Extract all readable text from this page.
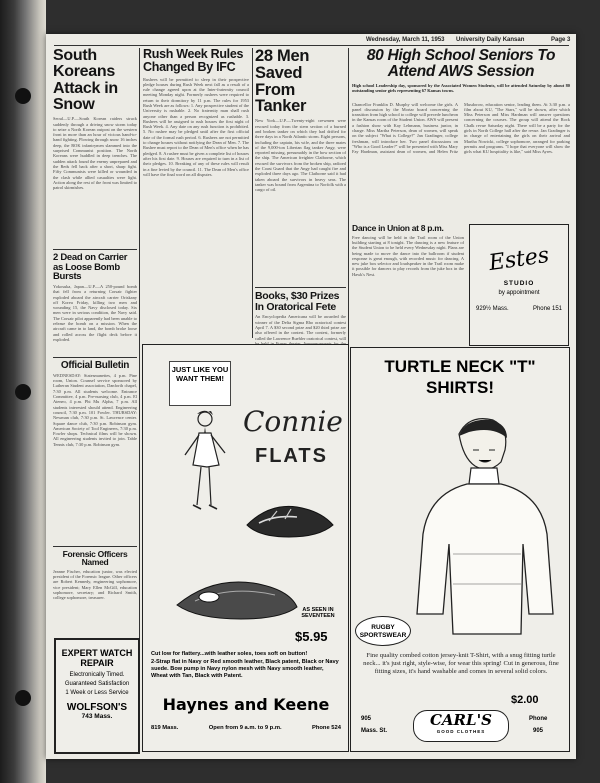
Wednesday, March 11, 1953 University Daily Kansan	Page 3
South Koreans Attack in Snow
Seoul—U.P.—South Korean raiders struck suddenly through a driving snow storm today to seize a North Korean outpost on the western front in more than an hour of vicious hand-to-hand fighting. Plowing through snow 16 inches deep, the ROK infantrymen slammed into the surprised Communist position. The North Koreans were huddled in deep trenches. The sudden attack found the enemy unprepared and the Reds fell back after a short, sharp fight. Fifty Communists were killed or wounded in the clash while allied casualties were light. Action along the rest of the front was limited to patrol skirmishes.
2 Dead on Carrier as Loose Bomb Bursts
Yokosuka, Japan—U.P.—A 250-pound bomb that fell from a returning Corsair fighter exploded aboard the aircraft carrier Oriskany off Korea Friday, killing two men and wounding 15, the Navy disclosed today. Six men were in serious condition, the Navy said. The Corsair pilot apparently had been unable to release the bomb on a mission. When the aircraft came in to land, the bomb broke loose and rolled across the flight deck before it exploded.
Official Bulletin
WEDNESDAY: Statesmanettes, 4 p.m. Pine room, Union. Counsel service sponsored by Lutheran Student association, Danforth chapel, 7:30 p.m. All students welcome. Entrance Committee, 4 p.m. Pre-nursing club, 4 p.m. El Ateneo, 4 p.m. Phi Mu Alpha, 7 p.m. All students interested should attend. Engineering council, 7:30 p.m. 101 Fowler. THURSDAY: Newman club, 7:30 p.m. St. Lawrence center. Square dance club, 7:30 p.m. Robinson gym. American Society of Tool Engineers, 7:30 p.m. Fowler shops. Technical films will be shown. All engineering students invited to join. Table Tennis club, 7:30 p.m. Robinson gym.
Forensic Officers Named
Jeanne Fischer, education junior, was elected president of the Forensic league. Other officers are Robert Kennedy, engineering sophomore, vice president; Mary Ellen McGill, education sophomore, secretary; and Richard Smith, college sophomore, treasurer.
EXPERT WATCH
REPAIR
Electronically Timed.
Guaranteed Satisfaction
1 Week or Less Service
WOLFSON'S
743 Mass.
Rush Week Rules Changed By IFC
Rushees will be permitted to sleep in their prospective pledge houses during Rush Week next fall as a result of a rule change agreed upon at the Inter-fraternity council meeting Monday night. Formerly rushees were required to return to their dormitory by 11 p.m. The rules for 1953 Rush Week are as follows: 1. Any prospective student of the University is rushable. 2. No fraternity man shall rush anyone other than a person recognized as rushable. 3. Rushees will be assigned to rush houses the first night of Rush Week. 4. Any date on any rush function is prohibited. 5. No rushee may be pledged until after the first official date of the formal rush period. 6. Rushees are not permitted to change houses without notifying the Dean of Men. 7. The Rushee must report to the Dean of Men's office when he has pledged. 8. A rushee must be given a complete list of houses after his first date. 9. Houses are required to turn in a list of their pledges. 10. Breaking of any of these rules will result in a fine levied by the council. 11. The Dean of Men's office will have the final word on all disputes.
28 Men Saved From Tanker
New York—U.P.—Twenty-eight crewmen were rescued today from the stern section of a burned and broken tanker on which they had drifted for three days in a North Atlantic storm. Eight persons, including the captain, his wife, and the three mates of the 9,000-ton Liberian flag tanker Angy, were reported missing, presumably in the bow section of the ship. The American freighter Claiborne, which rescued the survivors from the broken ship, radioed the Coast Guard that the Angy had caught fire and exploded three days ago. The Claiborne said it had taken aboard the survivors in heavy seas. The tanker was bound from Argentina to Norfolk with a cargo of oil.
Books, $30 Prizes In Oratorical Fete
An Encyclopedia Americana will be awarded the winner of the Delta Sigma Rho oratorical contest April 7. A $30 second prize and $20 third prize are also offered in the contest. The contest, formerly called the Lawrence Buehler oratorical contest, will
80 High School Seniors To Attend AWS Session
High school Leadership day, sponsored by the Associated Women Students, will be attended Saturday by about 80 outstanding senior girls representing 67 Kansas towns.
Chancellor Franklin D. Murphy will welcome the girls. A panel discussion by the Mortar board concerning the transition from high school to college will precede luncheon in the Kansas room of the Student Union. AWS will present a fashion show with Kay Lehmann, business junior, in charge. Miss Martha Peterson, dean of women, will speak on the subject "What is College?" Jan Gradinger, college freshman, will introduce her. Two panel discussions on "Who is a Good Leader?" will be presented with Miss Mary Fay Hardman, assistant dean of women, and Helen Fritz Musdorow, education senior, leading them. At 3:30 p.m. a film about KU, "The Stars," will be shown, after which Miss Peterson and Miss Hardman will answer questions concerning the courses. The group will attend the Rock Chalk revue Saturday night. There will be a party for the girls in North College hall after the revue. Jan Gradinger is in charge of entertaining the girls on their arrival and Martha Nowicki, college sophomore, arranged for parking permits and programs. "I hope that everyone will show the girls what KU hospitality is like," said Miss Ayres.
Dance in Union at 8 p.m.
Free dancing will be held in the Trail room of the Union building starting at 8 tonight. The dancing is a new feature of the Student Union to be held every Wednesday night. Plans are being made to move the dance into the ballroom if student response is great enough, with recorded music for dancing. A new juke box selector and loudspeaker in the Trail room make it possible for dancers to play records from the juke box in the Hawk's Nest.	Estes
STUDIO
by appointment
929½ Mass.	Phone 151
JUST LIKE YOU WANT THEM!
Connie
FLATS
AS SEEN IN SEVENTEEN
$5.95
Cut low for flattery...with leather soles, toes soft on button!
2-Strap flat in Navy or Red smooth leather, Black patent, Black or Navy suede. Bow pump in Navy nylon mesh with Navy smooth leather, Wheat with Tan, Black with Patent.
Haynes and Keene
819 Mass.	Open from 9 a.m. to 9 p.m.	Phone 524
TURTLE NECK "T" SHIRTS!
RUGBY SPORTSWEAR
Fine quality combed cotton jersey-knit T-Shirt, with a snug fitting turtle neck... it's just right, style-wise, for wear this spring! Cut in generous, fine fitting sizes, it's hand washable and comes in several solid colors.
$2.00
905
Mass. St.
CARL'S
GOOD CLOTHES
Phone
905
